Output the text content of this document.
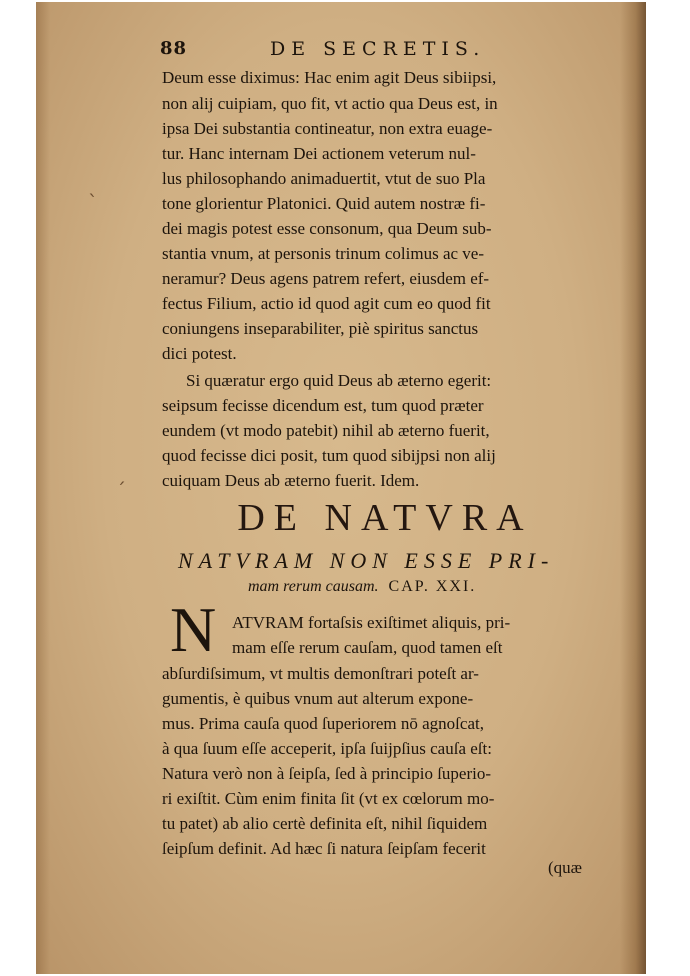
88	DE SECRETIS.
Deum esse diximus: Hac enim agit Deus sibiipsi,
non alij cuipiam, quo fit, vt actio qua Deus est, in
ipsa Dei substantia contineatur, non extra euage-
tur. Hanc internam Dei actionem veterum nul-
lus philosophando animaduertit, vtut de suo Pla
tone glorientur Platonici. Quid autem nostræ fi-
dei magis potest esse consonum, qua Deum sub-
stantia vnum, at personis trinum colimus ac ve-
neramur? Deus agens patrem refert, eiusdem ef-
fectus Filium, actio id quod agit cum eo quod fit
coniungens inseparabiliter, piè spiritus sanctus
dici potest.
Si quæratur ergo quid Deus ab æterno egerit:
seipsum fecisse dicendum est, tum quod præter
eundem (vt modo patebit) nihil ab æterno fuerit,
quod fecisse dici posit, tum quod sibijpsi non alij
cuiquam Deus ab æterno fuerit. Idem.
DE NATVRA
NATVRAM NON ESSE PRI-
mam rerum causam. CAP. XXI.
N ATVRAM fortaſsis exiſtimet aliquis, pri-
mam eſſe rerum cauſam, quod tamen eſt
abſurdiſsimum, vt multis demonſtrari poteſt ar-
gumentis, è quibus vnum aut alterum expone-
mus. Prima cauſa quod ſuperiorem nō agnoſcat,
à qua ſuum eſſe acceperit, ipſa ſuijpſius cauſa eſt:
Natura verò non à ſeipſa, ſed à principio ſuperio-
ri exiſtit. Cùm enim finita ſit (vt ex cœlorum mo-
tu patet) ab alio certè definita eſt, nihil ſiquidem
ſeipſum definit. Ad hæc ſi natura ſeipſam fecerit
(quæ
ˋ
ˊ
